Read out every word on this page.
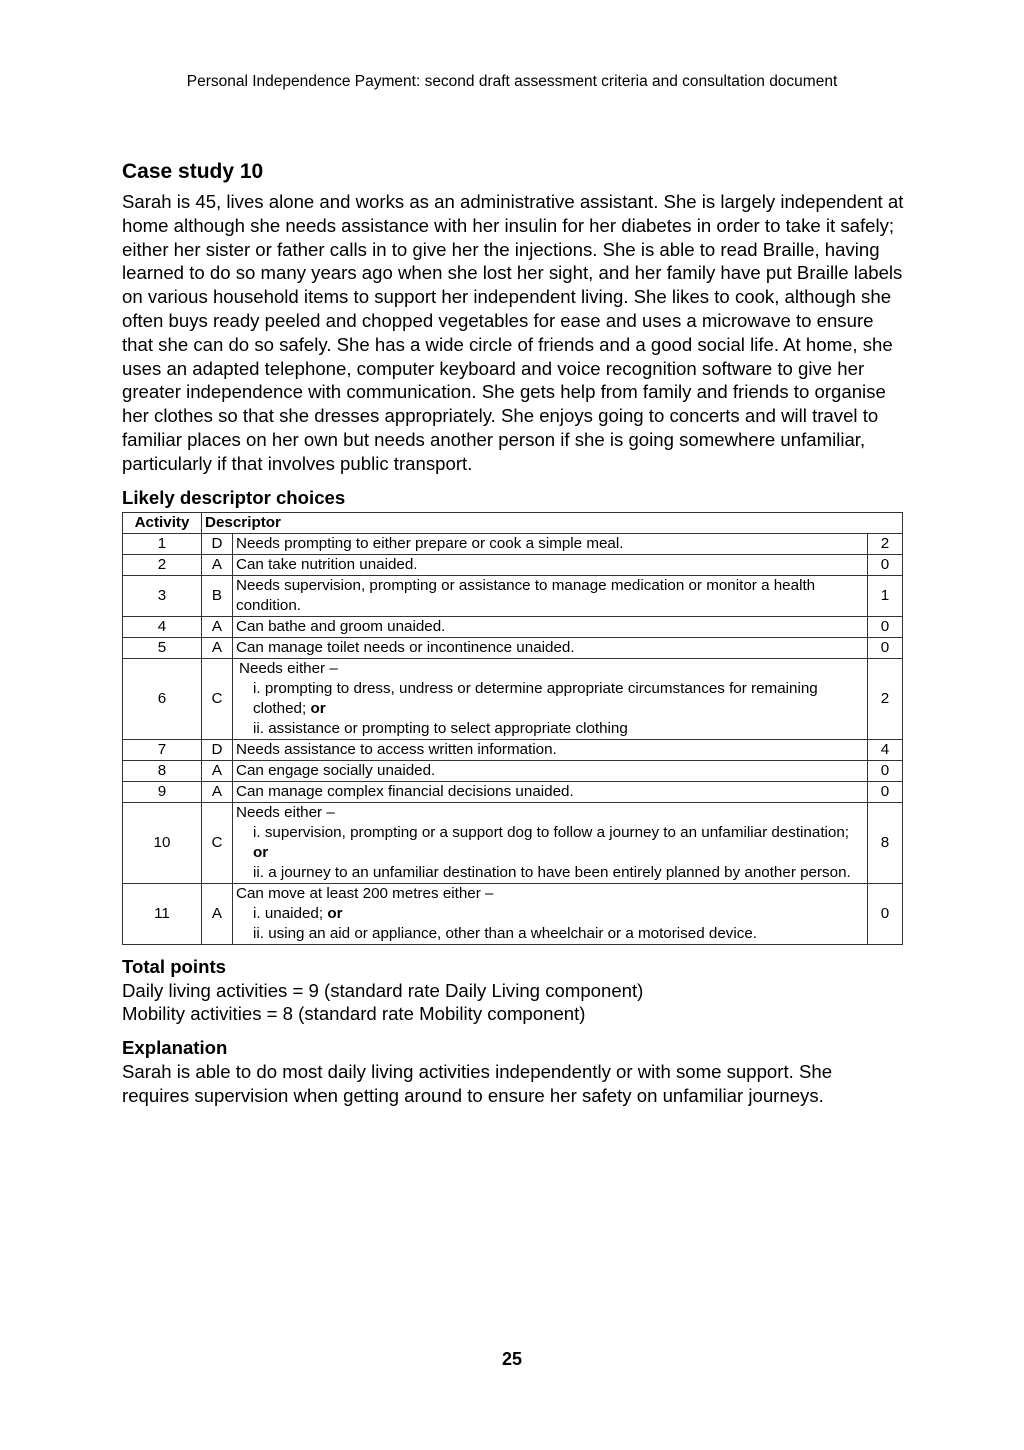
Personal Independence Payment: second draft assessment criteria and consultation document
Case study 10

Sarah is 45, lives alone and works as an administrative assistant. She is largely independent at home although she needs assistance with her insulin for her diabetes in order to take it safely; either her sister or father calls in to give her the injections. She is able to read Braille, having learned to do so many years ago when she lost her sight, and her family have put Braille labels on various household items to support her independent living. She likes to cook, although she often buys ready peeled and chopped vegetables for ease and uses a microwave to ensure that she can do so safely. She has a wide circle of friends and a good social life. At home, she uses an adapted telephone, computer keyboard and voice recognition software to give her greater independence with communication. She gets help from family and friends to organise her clothes so that she dresses appropriately. She enjoys going to concerts and will travel to familiar places on her own but needs another person if she is going somewhere unfamiliar, particularly if that involves public transport.

Likely descriptor choices
Activity	Descriptor		
1	D	Needs prompting to either prepare or cook a simple meal.	2
2	A	Can take nutrition unaided.	0
3	B	Needs supervision, prompting or assistance to manage medication or monitor a health condition.	1
4	A	Can bathe and groom unaided.	0
5	A	Can manage toilet needs or incontinence unaided.	0
6	C	Needs either –
i. prompting to dress, undress or determine appropriate circumstances for remaining clothed; or
ii. assistance or prompting to select appropriate clothing	2
7	D	Needs assistance to access written information.	4
8	A	Can engage socially unaided.	0
9	A	Can manage complex financial decisions unaided.	0
10	C	Needs either –
i. supervision, prompting or a support dog to follow a journey to an unfamiliar destination; or
ii. a journey to an unfamiliar destination to have been entirely planned by another person.	8
11	A	Can move at least 200 metres either –
i. unaided; or
ii. using an aid or appliance, other than a wheelchair or a motorised device.	0
Total points

Daily living activities = 9 (standard rate Daily Living component)

Mobility activities = 8 (standard rate Mobility component)

Explanation

Sarah is able to do most daily living activities independently or with some support. She requires supervision when getting around to ensure her safety on unfamiliar journeys.

25
